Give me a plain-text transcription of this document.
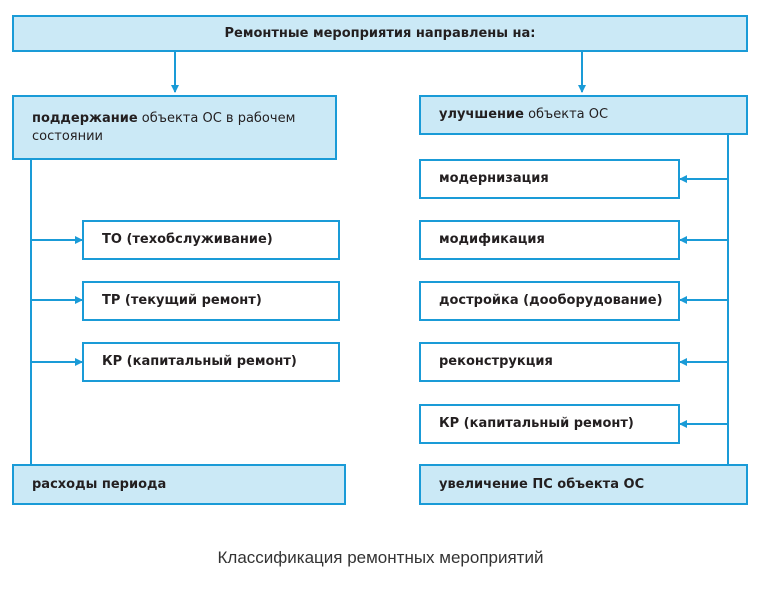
Ремонтные мероприятия направлены на:
поддержание объекта ОС в рабочем состоянии
улучшение объекта ОС
ТО (техобслуживание)
ТР (текущий ремонт)
КР (капитальный ремонт)
модернизация
модификация
достройка (дооборудование)
реконструкция
КР (капитальный ремонт)
расходы периода	увеличение ПС объекта ОС
Классификация ремонтных мероприятий
